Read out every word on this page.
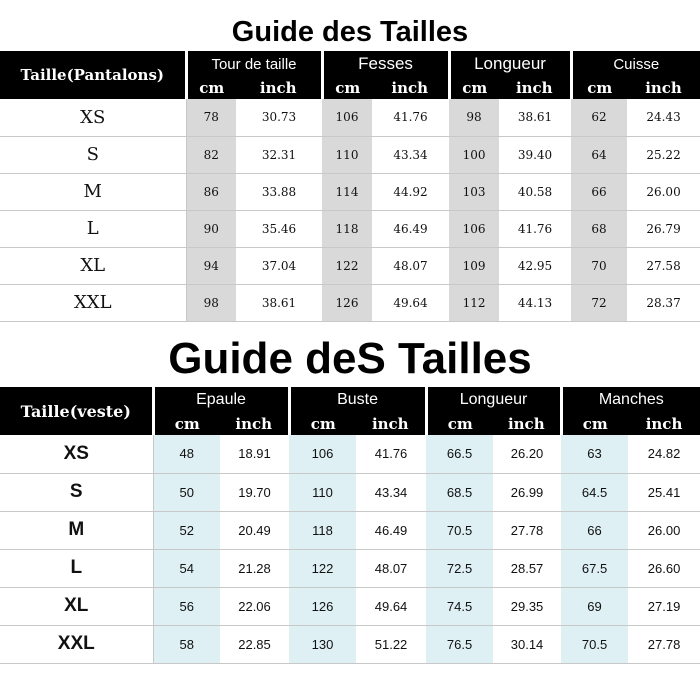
Guide des Tailles
Taille(Pantalons)	Tour de taille		Fesses		Longueur		Cuisse	
	cm	inch	cm	inch	cm	inch	cm	inch
XS	78	30.73	106	41.76	98	38.61	62	24.43
S	82	32.31	110	43.34	100	39.40	64	25.22
M	86	33.88	114	44.92	103	40.58	66	26.00
L	90	35.46	118	46.49	106	41.76	68	26.79
XL	94	37.04	122	48.07	109	42.95	70	27.58
XXL	98	38.61	126	49.64	112	44.13	72	28.37
Guide deS Tailles
Taille(veste)	Epaule		Buste		Longueur		Manches	
	cm	inch	cm	inch	cm	inch	cm	inch
XS	48	18.91	106	41.76	66.5	26.20	63	24.82
S	50	19.70	110	43.34	68.5	26.99	64.5	25.41
M	52	20.49	118	46.49	70.5	27.78	66	26.00
L	54	21.28	122	48.07	72.5	28.57	67.5	26.60
XL	56	22.06	126	49.64	74.5	29.35	69	27.19
XXL	58	22.85	130	51.22	76.5	30.14	70.5	27.78
